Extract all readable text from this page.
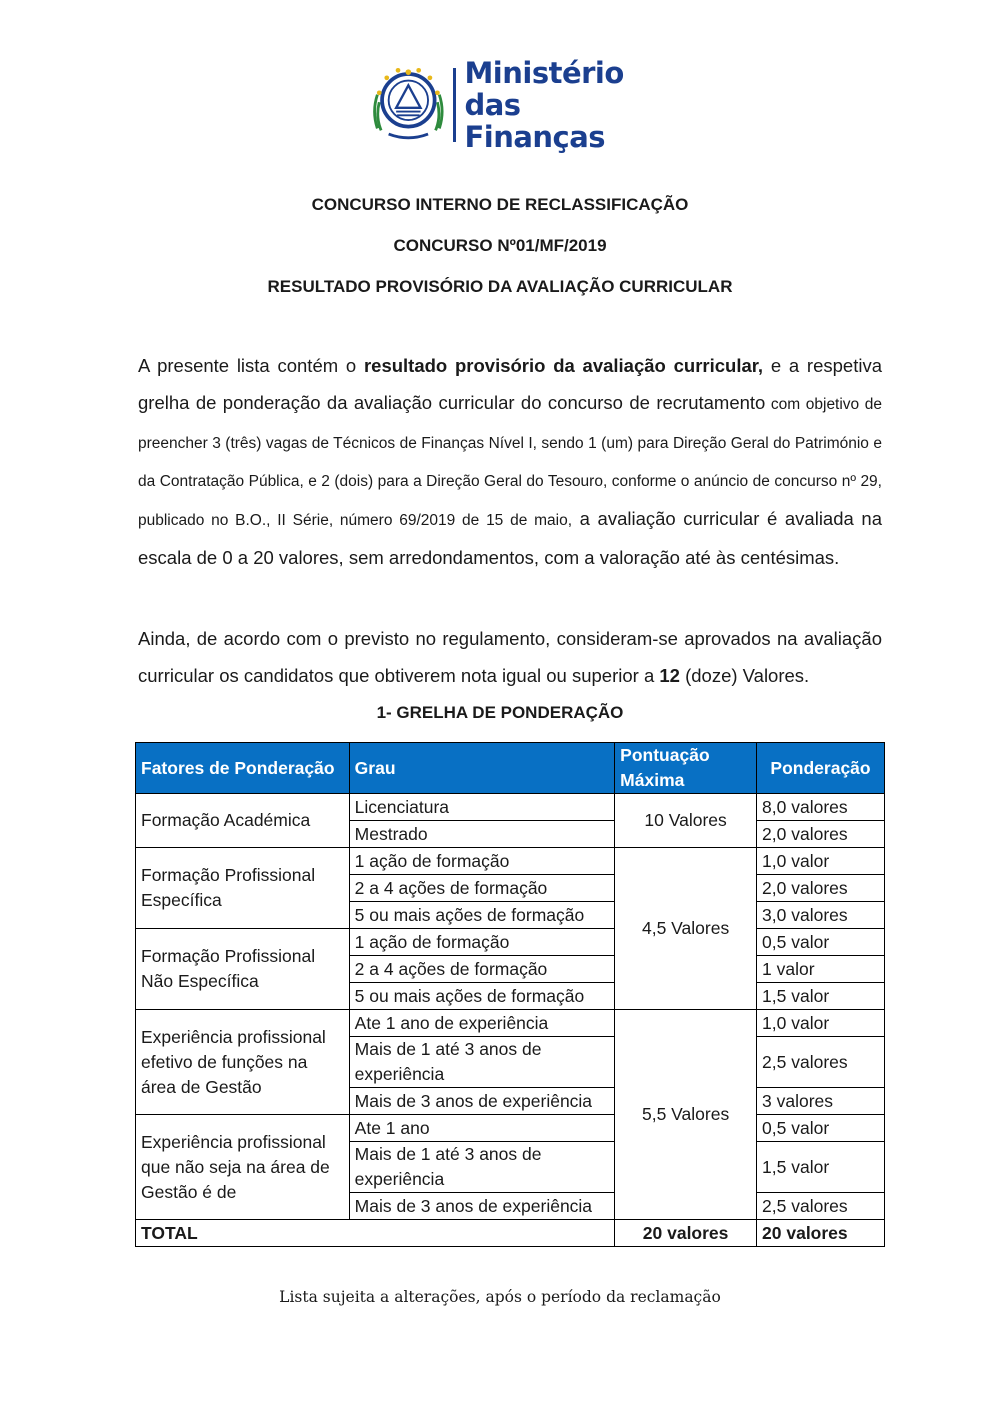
Ministério
das Finanças
CONCURSO INTERNO DE RECLASSIFICAÇÃO
CONCURSO Nº01/MF/2019
RESULTADO PROVISÓRIO DA AVALIAÇÃO CURRICULAR

A presente lista contém o resultado provisório da avaliação curricular, e a respetiva grelha de ponderação da avaliação curricular do concurso de recrutamento com objetivo de preencher 3 (três) vagas de Técnicos de Finanças Nível I, sendo 1 (um) para Direção Geral do Património e da Contratação Pública, e 2 (dois) para a Direção Geral do Tesouro, conforme o anúncio de concurso nº 29, publicado no B.O., II Série, número 69/2019 de 15 de maio, a avaliação curricular é avaliada na escala de 0 a 20 valores, sem arredondamentos, com a valoração até às centésimas.

Ainda, de acordo com o previsto no regulamento, consideram-se aprovados na avaliação curricular os candidatos que obtiverem nota igual ou superior a 12 (doze) Valores.

1- GRELHA DE PONDERAÇÃO
Fatores de Ponderação	Grau	Pontuação Máxima	Ponderação
Formação Académica	Licenciatura	10 Valores	8,0 valores
	Mestrado		2,0 valores
Formação Profissional Específica	1 ação de formação	4,5 Valores	1,0 valor
	2 a 4 ações de formação		2,0 valores
	5 ou mais ações de formação		3,0 valores
Formação Profissional Não Específica	1 ação de formação		0,5 valor
	2 a 4 ações de formação		1 valor
	5 ou mais ações de formação		1,5 valor
Experiência profissional efetivo de funções na área de Gestão	Ate 1 ano de experiência	5,5 Valores	1,0 valor
	Mais de 1 até 3 anos de experiência		2,5 valores
	Mais de 3 anos de experiência		3 valores
Experiência profissional que não seja na área de Gestão é de	Ate 1 ano		0,5 valor
	Mais de 1 até 3 anos de experiência		1,5 valor
	Mais de 3 anos de experiência		2,5 valores
TOTAL		20 valores	20 valores
Lista sujeita a alterações, após o período da reclamação
